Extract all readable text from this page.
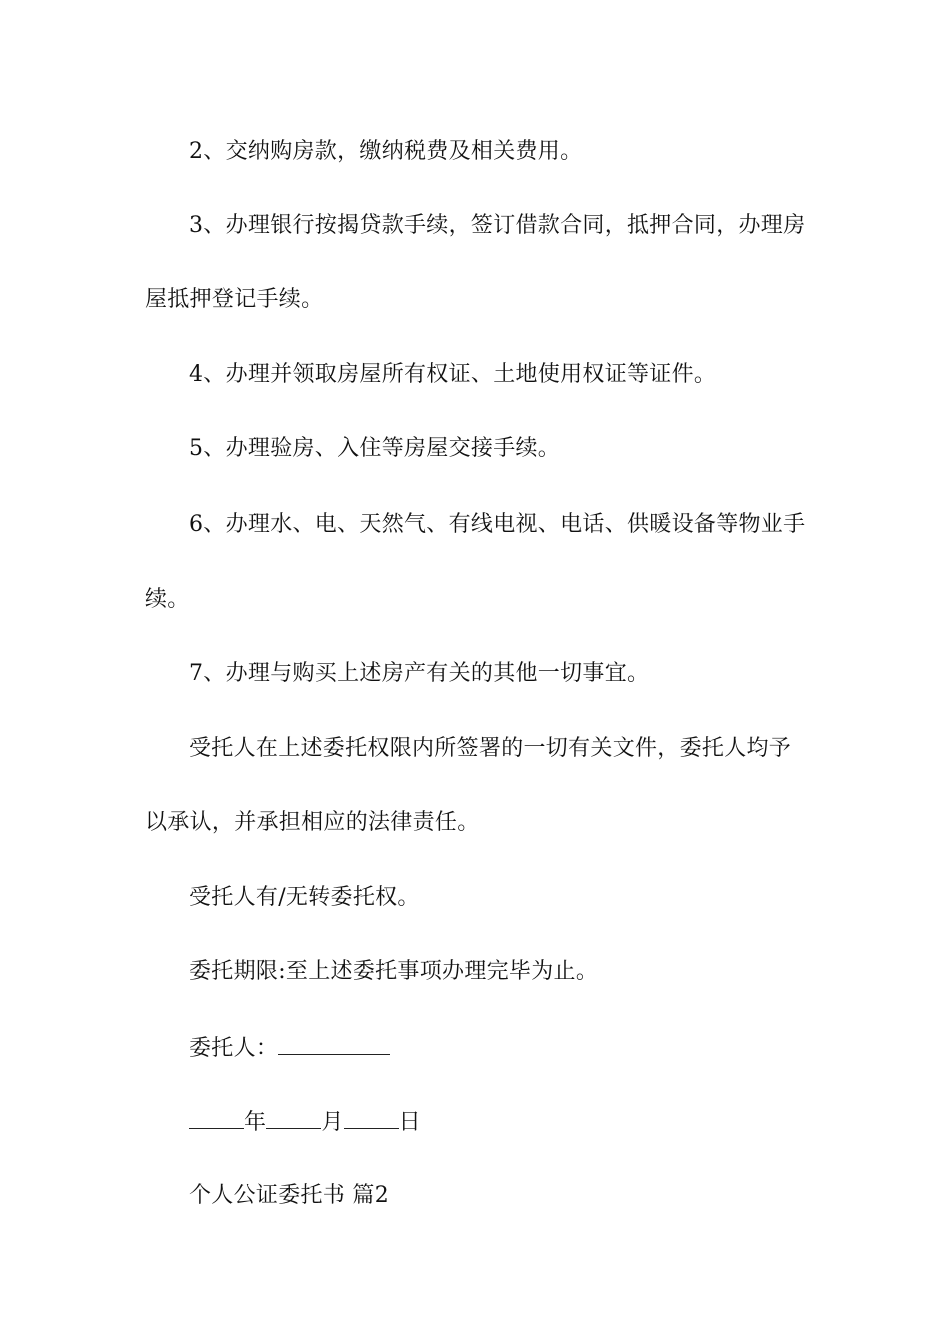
2、交纳购房款，缴纳税费及相关费用。
3、办理银行按揭贷款手续，签订借款合同，抵押合同，办理房
屋抵押登记手续。
4、办理并领取房屋所有权证、土地使用权证等证件。
5、办理验房、入住等房屋交接手续。
6、办理水、电、天然气、有线电视、电话、供暖设备等物业手
续。
7、办理与购买上述房产有关的其他一切事宜。
受托人在上述委托权限内所签署的一切有关文件，委托人均予
以承认，并承担相应的法律责任。
受托人有/无转委托权。
委托期限:至上述委托事项办理完毕为止。
委托人：
年	月	日
个人公证委托书 篇2
